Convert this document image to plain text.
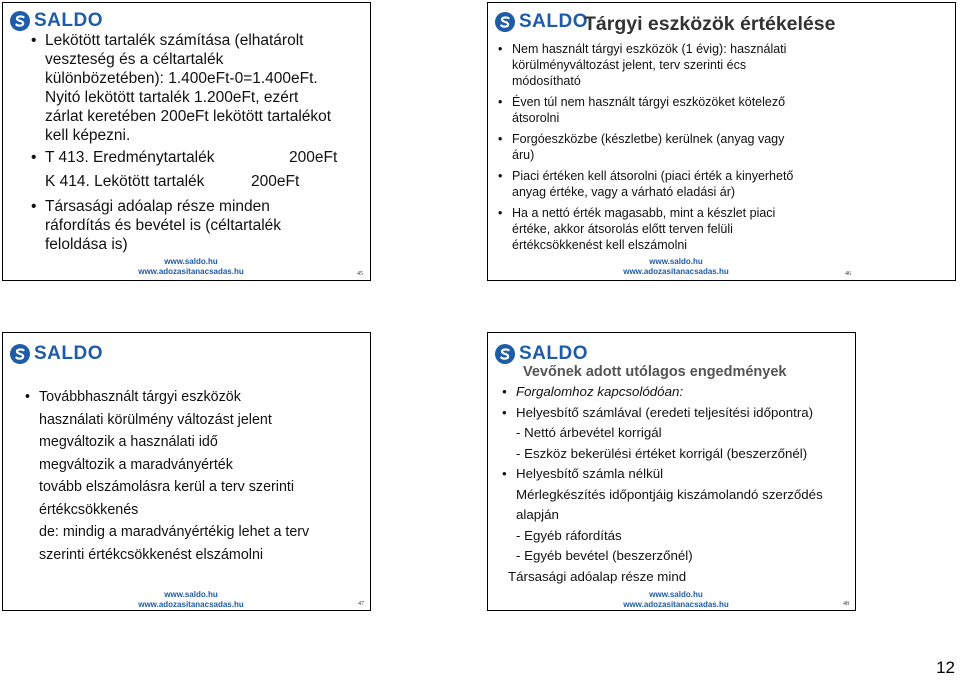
SALDO

• Lekötött tartalék számítása (elhatárolt

veszteség és a céltartalék

különbözetében): 1.400eFt-0=1.400eFt.

Nyitó lekötött tartalék 1.200eFt, ezért

zárlat keretében 200eFt lekötött tartalékot

kell képezni.

• T 413. Eredménytartalék	200eFt

K 414. Lekötött tartalék	200eFt

• Társasági adóalap része minden

ráfordítás és bevétel is (céltartalék

feloldása is)

www.saldo.hu
www.adozasitanacsadas.hu	45
SALDO
Tárgyi eszközök értékelése

• Nem használt tárgyi eszközök (1 évig): használati
körülményváltozást jelent, terv szerinti écs
módosítható

• Éven túl nem használt tárgyi eszközöket kötelező
átsorolni

• Forgóeszközbe (készletbe) kerülnek (anyag vagy
áru)

• Piaci értéken kell átsorolni (piaci érték a kinyerhető
anyag értéke, vagy a várható eladási ár)

• Ha a nettó érték magasabb, mint a készlet piaci
értéke, akkor átsorolás előtt terven felüli
értékcsökkenést kell elszámolni

www.saldo.hu
www.adozasitanacsadas.hu	46
SALDO

• Továbbhasznált tárgyi eszközök

használati körülmény változást jelent

megváltozik a használati idő

megváltozik a maradványérték

tovább elszámolásra kerül a terv szerinti

értékcsökkenés

de: mindig a maradványértékig lehet a terv

szerinti értékcsökkenést elszámolni

www.saldo.hu
www.adozasitanacsadas.hu	47
SALDO
Vevőnek adott utólagos engedmények

• Forgalomhoz kapcsolódóan:

• Helyesbítő számlával (eredeti teljesítési időpontra)

- Nettó árbevétel korrigál

- Eszköz bekerülési értéket korrigál (beszerzőnél)

• Helyesbítő számla nélkül

Mérlegkészítés időpontjáig kiszámolandó szerződés

alapján

- Egyéb ráfordítás

- Egyéb bevétel (beszerzőnél)

Társasági adóalap része mind

www.saldo.hu
www.adozasitanacsadas.hu	48
12
